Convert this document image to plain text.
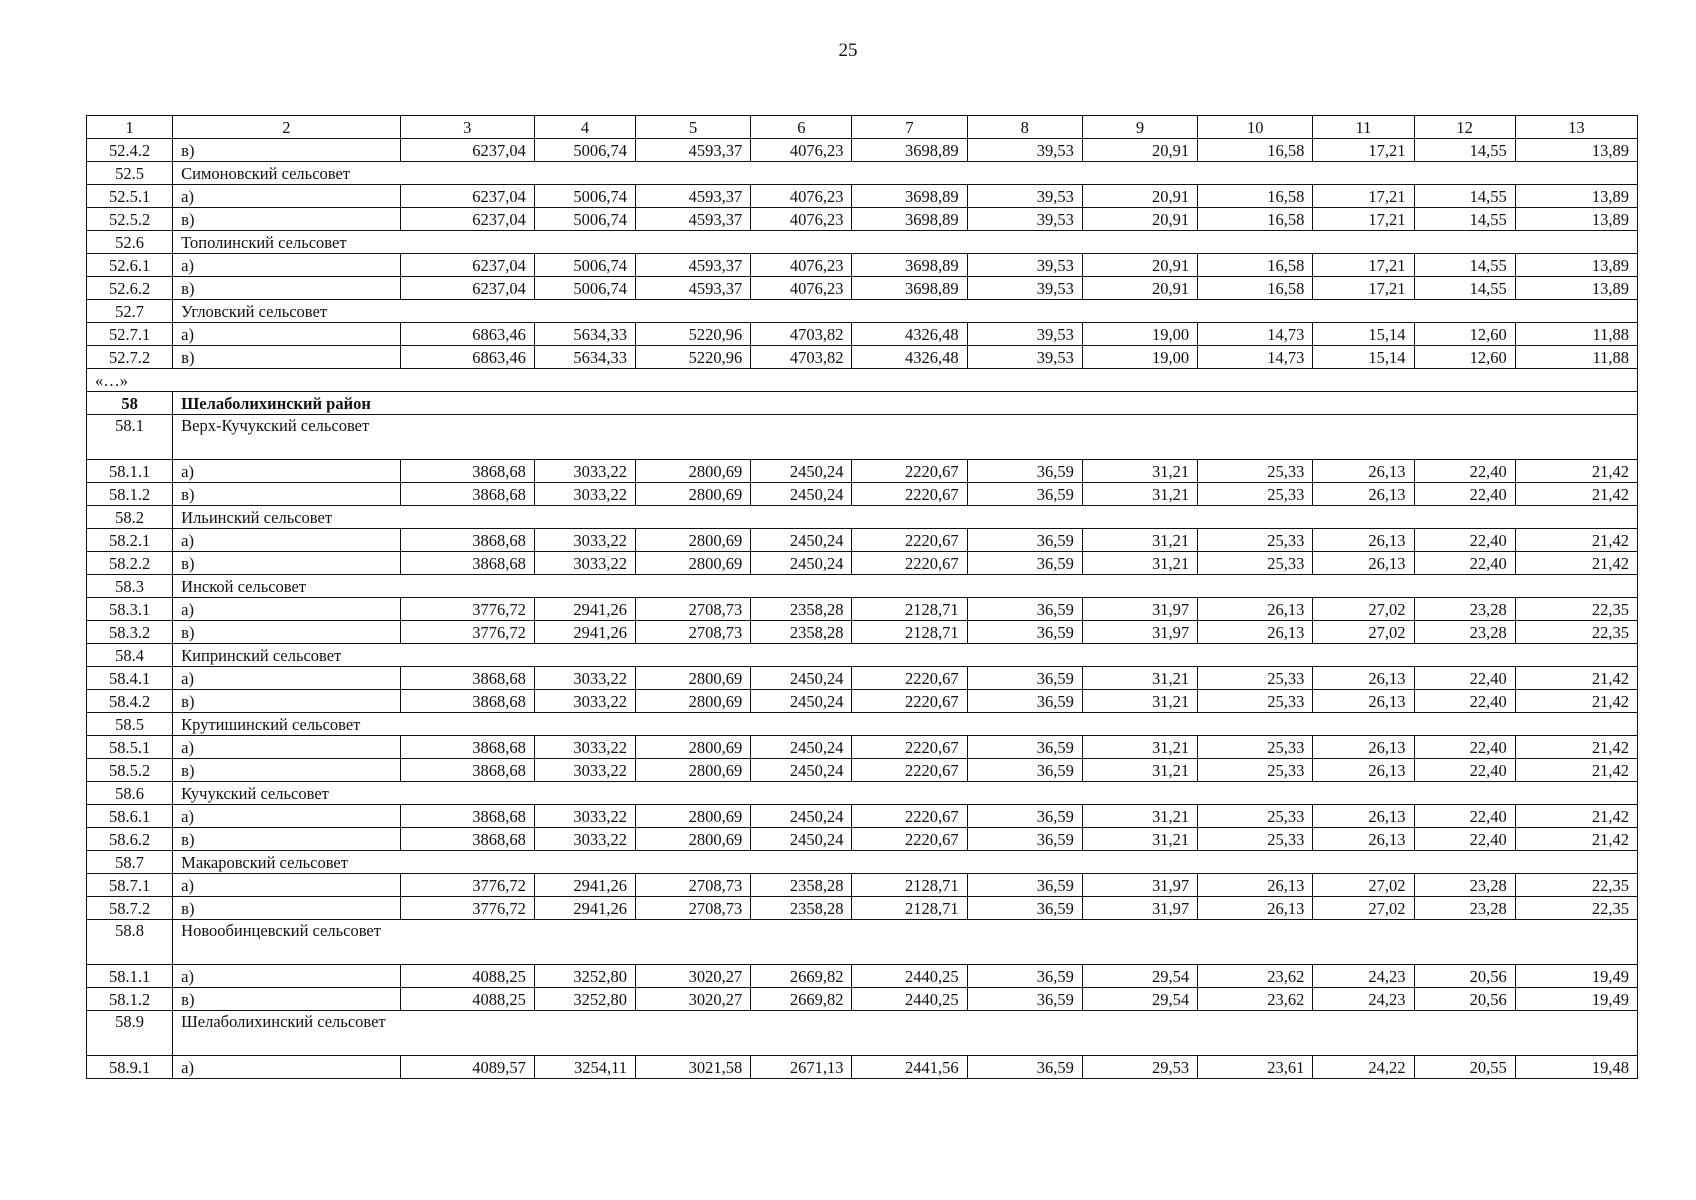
25
1	2	3	4	5	6	7	8	9	10	11	12	13
52.4.2	в)	6237,04	5006,74	4593,37	4076,23	3698,89	39,53	20,91	16,58	17,21	14,55	13,89
52.5	Симоновский сельсовет											
52.5.1	а)	6237,04	5006,74	4593,37	4076,23	3698,89	39,53	20,91	16,58	17,21	14,55	13,89
52.5.2	в)	6237,04	5006,74	4593,37	4076,23	3698,89	39,53	20,91	16,58	17,21	14,55	13,89
52.6	Тополинский сельсовет											
52.6.1	а)	6237,04	5006,74	4593,37	4076,23	3698,89	39,53	20,91	16,58	17,21	14,55	13,89
52.6.2	в)	6237,04	5006,74	4593,37	4076,23	3698,89	39,53	20,91	16,58	17,21	14,55	13,89
52.7	Угловский сельсовет											
52.7.1	а)	6863,46	5634,33	5220,96	4703,82	4326,48	39,53	19,00	14,73	15,14	12,60	11,88
52.7.2	в)	6863,46	5634,33	5220,96	4703,82	4326,48	39,53	19,00	14,73	15,14	12,60	11,88
«…»												
58	Шелаболихинский район											
58.1	Верх-Кучукский сельсовет											
58.1.1	а)	3868,68	3033,22	2800,69	2450,24	2220,67	36,59	31,21	25,33	26,13	22,40	21,42
58.1.2	в)	3868,68	3033,22	2800,69	2450,24	2220,67	36,59	31,21	25,33	26,13	22,40	21,42
58.2	Ильинский сельсовет											
58.2.1	а)	3868,68	3033,22	2800,69	2450,24	2220,67	36,59	31,21	25,33	26,13	22,40	21,42
58.2.2	в)	3868,68	3033,22	2800,69	2450,24	2220,67	36,59	31,21	25,33	26,13	22,40	21,42
58.3	Инской сельсовет											
58.3.1	а)	3776,72	2941,26	2708,73	2358,28	2128,71	36,59	31,97	26,13	27,02	23,28	22,35
58.3.2	в)	3776,72	2941,26	2708,73	2358,28	2128,71	36,59	31,97	26,13	27,02	23,28	22,35
58.4	Кипринский сельсовет											
58.4.1	а)	3868,68	3033,22	2800,69	2450,24	2220,67	36,59	31,21	25,33	26,13	22,40	21,42
58.4.2	в)	3868,68	3033,22	2800,69	2450,24	2220,67	36,59	31,21	25,33	26,13	22,40	21,42
58.5	Крутишинский сельсовет											
58.5.1	а)	3868,68	3033,22	2800,69	2450,24	2220,67	36,59	31,21	25,33	26,13	22,40	21,42
58.5.2	в)	3868,68	3033,22	2800,69	2450,24	2220,67	36,59	31,21	25,33	26,13	22,40	21,42
58.6	Кучукский сельсовет											
58.6.1	а)	3868,68	3033,22	2800,69	2450,24	2220,67	36,59	31,21	25,33	26,13	22,40	21,42
58.6.2	в)	3868,68	3033,22	2800,69	2450,24	2220,67	36,59	31,21	25,33	26,13	22,40	21,42
58.7	Макаровский сельсовет											
58.7.1	а)	3776,72	2941,26	2708,73	2358,28	2128,71	36,59	31,97	26,13	27,02	23,28	22,35
58.7.2	в)	3776,72	2941,26	2708,73	2358,28	2128,71	36,59	31,97	26,13	27,02	23,28	22,35
58.8	Новообинцевский сельсовет											
58.1.1	а)	4088,25	3252,80	3020,27	2669,82	2440,25	36,59	29,54	23,62	24,23	20,56	19,49
58.1.2	в)	4088,25	3252,80	3020,27	2669,82	2440,25	36,59	29,54	23,62	24,23	20,56	19,49
58.9	Шелаболихинский сельсовет											
58.9.1	а)	4089,57	3254,11	3021,58	2671,13	2441,56	36,59	29,53	23,61	24,22	20,55	19,48
